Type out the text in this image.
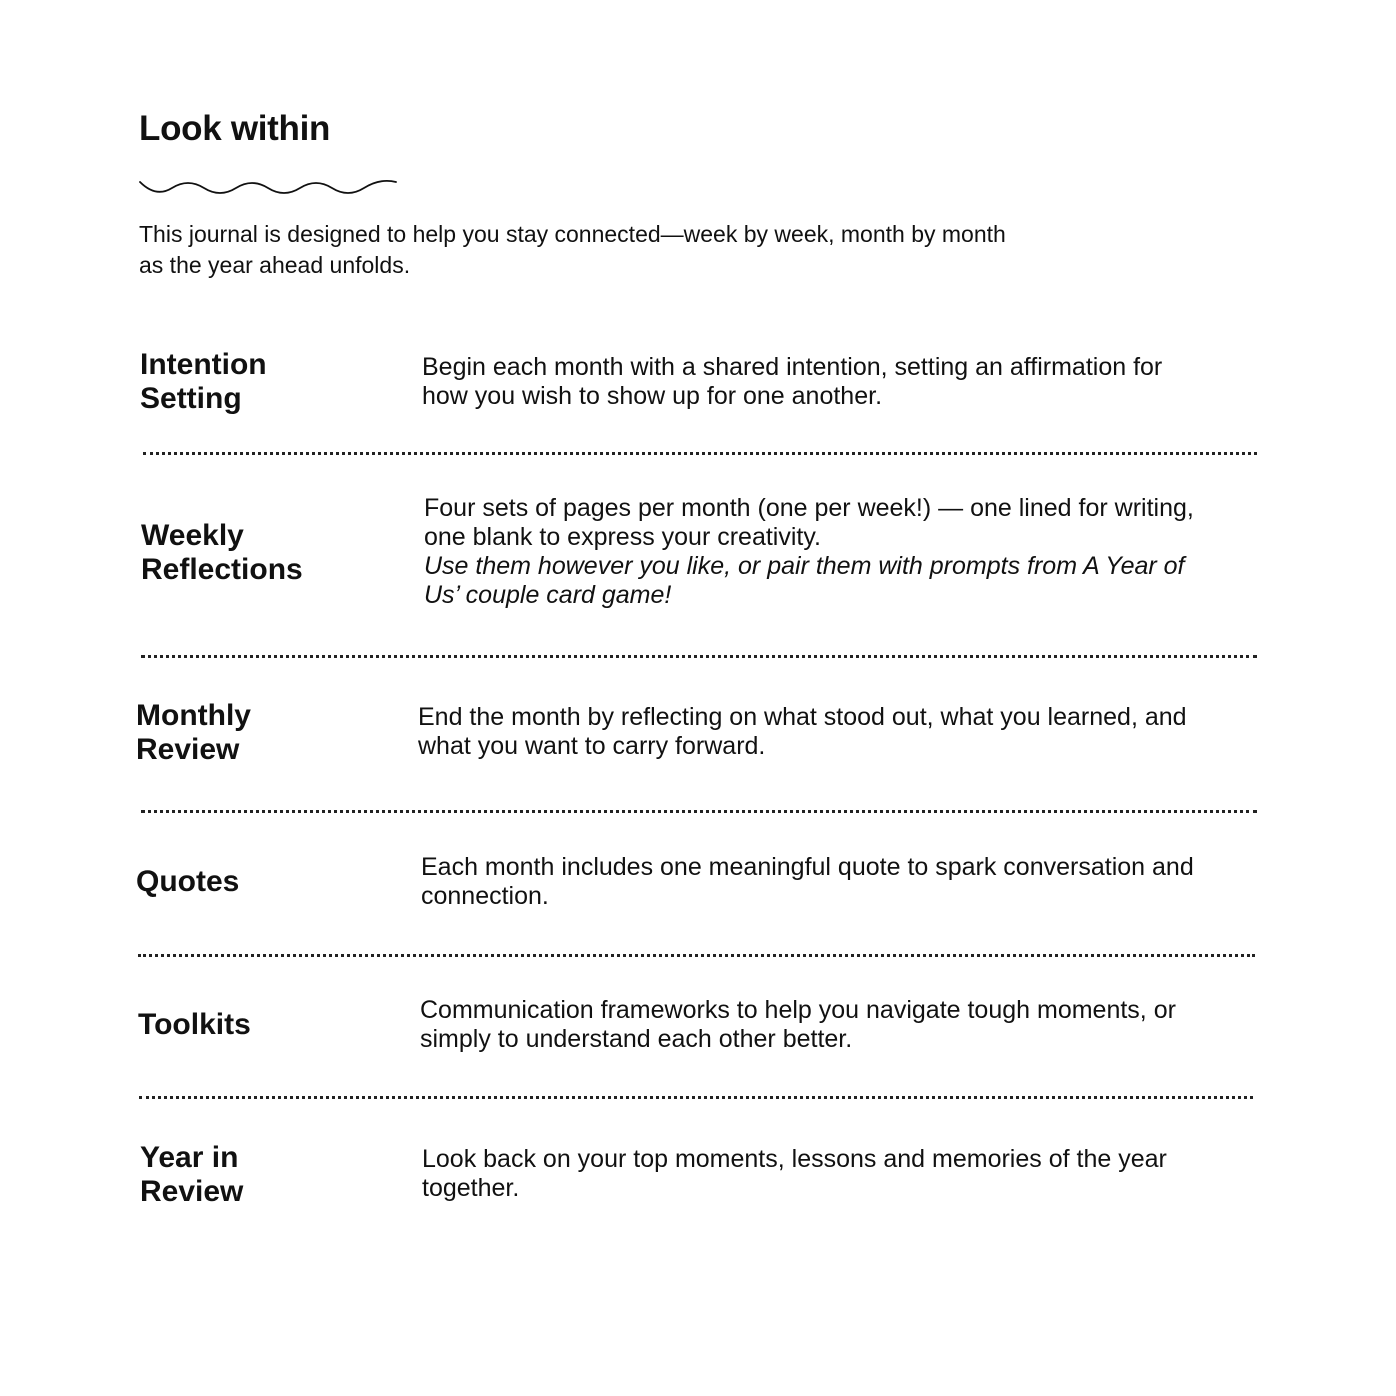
Look within

This journal is designed to help you stay connected—week by week, month by month as the year ahead unfolds.

Intention
Setting

Begin each month with a shared intention, setting an affirmation for how you wish to show up for one another.

Weekly
Reflections

Four sets of pages per month (one per week!) — one lined for writing, one blank to express your creativity.
Use them however you like, or pair them with prompts from A Year of Us’ couple card game!

Monthly
Review

End the month by reflecting on what stood out, what you learned, and what you want to carry forward.

Quotes	Each month includes one meaningful quote to spark conversation and connection.

Toolkits	Communication frameworks to help you navigate tough moments, or simply to understand each other better.

Year in
Review

Look back on your top moments, lessons and memories of the year together.
